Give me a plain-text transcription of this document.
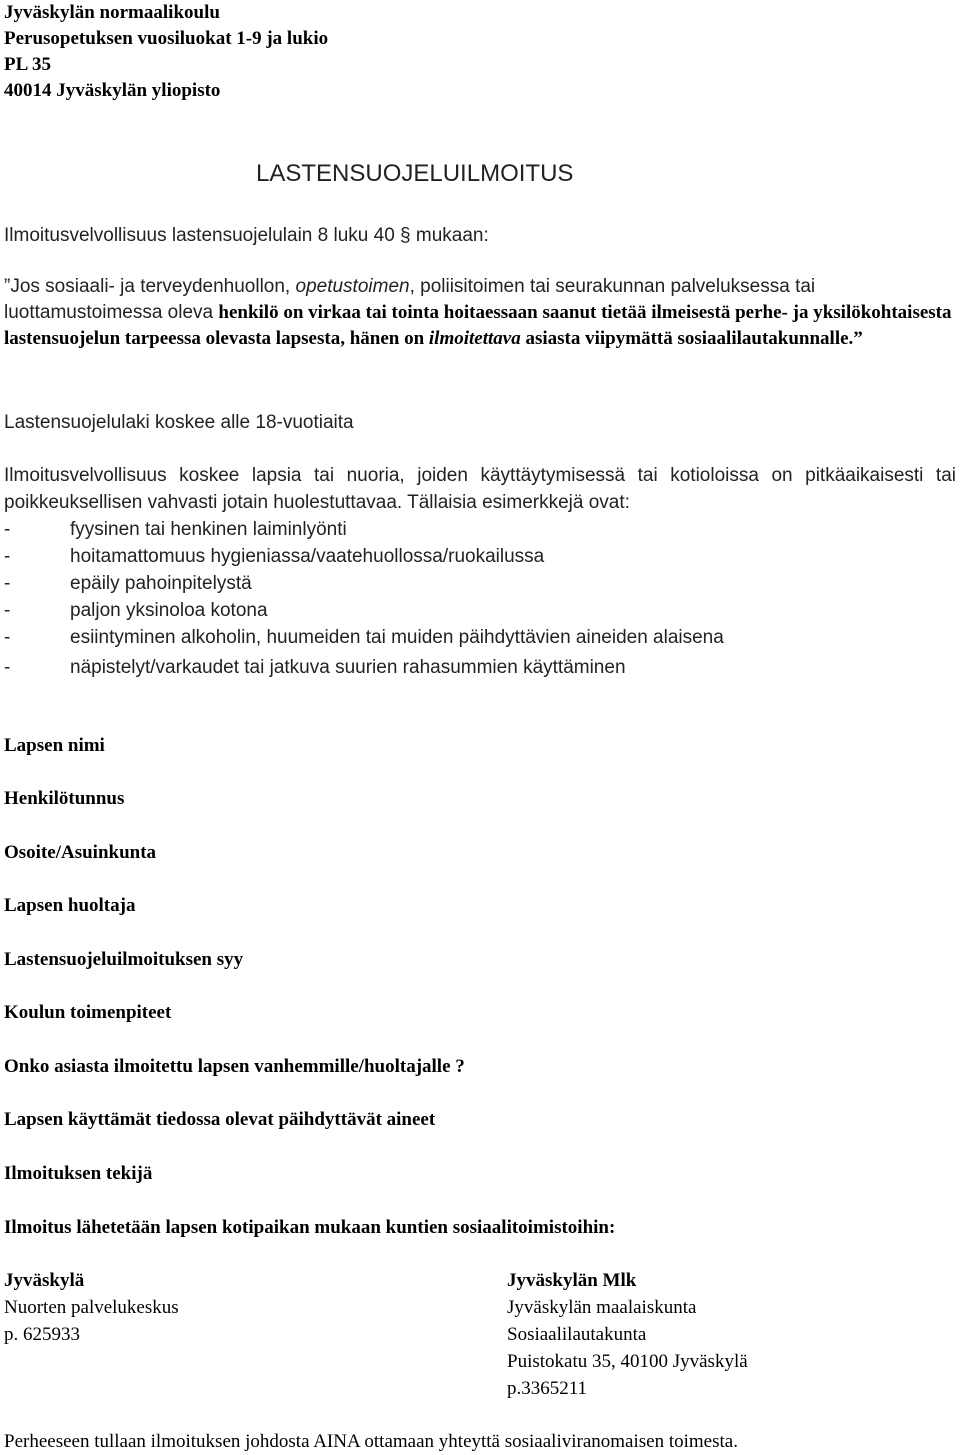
Jyväskylän normaalikoulu
Perusopetuksen vuosiluokat 1-9 ja lukio
PL 35
40014 Jyväskylän yliopisto
LASTENSUOJELUILMOITUS
Ilmoitusvelvollisuus lastensuojelulain 8 luku 40 § mukaan:
”Jos sosiaali- ja terveydenhuollon, opetustoimen, poliisitoimen tai seurakunnan palveluksessa tai luottamustoimessa oleva henkilö on virkaa tai tointa hoitaessaan saanut tietää ilmeisestä perhe- ja yksilökohtaisesta lastensuojelun tarpeessa olevasta lapsesta, hänen on ilmoitettava asiasta viipymättä sosiaalilautakunnalle.”
Lastensuojelulaki koskee alle 18-vuotiaita
Ilmoitusvelvollisuus koskee lapsia tai nuoria, joiden käyttäytymisessä tai kotioloissa on pitkäaikaisesti tai poikkeuksellisen vahvasti jotain huolestuttavaa. Tällaisia esimerkkejä ovat:
-	fyysinen tai henkinen laiminlyönti
-	hoitamattomuus hygieniassa/vaatehuollossa/ruokailussa
-	epäily pahoinpitelystä
-	paljon yksinoloa kotona
-	esiintyminen alkoholin, huumeiden tai muiden päihdyttävien aineiden alaisena
-	näpistelyt/varkaudet tai jatkuva suurien rahasummien käyttäminen
Lapsen nimi
Henkilötunnus
Osoite/Asuinkunta
Lapsen huoltaja
Lastensuojeluilmoituksen syy
Koulun toimenpiteet
Onko asiasta ilmoitettu lapsen vanhemmille/huoltajalle ?
Lapsen käyttämät tiedossa olevat päihdyttävät aineet
Ilmoituksen tekijä
Ilmoitus lähetetään lapsen kotipaikan mukaan kuntien sosiaalitoimistoihin:
Jyväskylä
Nuorten palvelukeskus
p. 625933
Jyväskylän Mlk
Jyväskylän maalaiskunta
Sosiaalilautakunta
Puistokatu 35, 40100 Jyväskylä
p.3365211
Perheeseen tullaan ilmoituksen johdosta AINA ottamaan yhteyttä sosiaaliviranomaisen toimesta.
